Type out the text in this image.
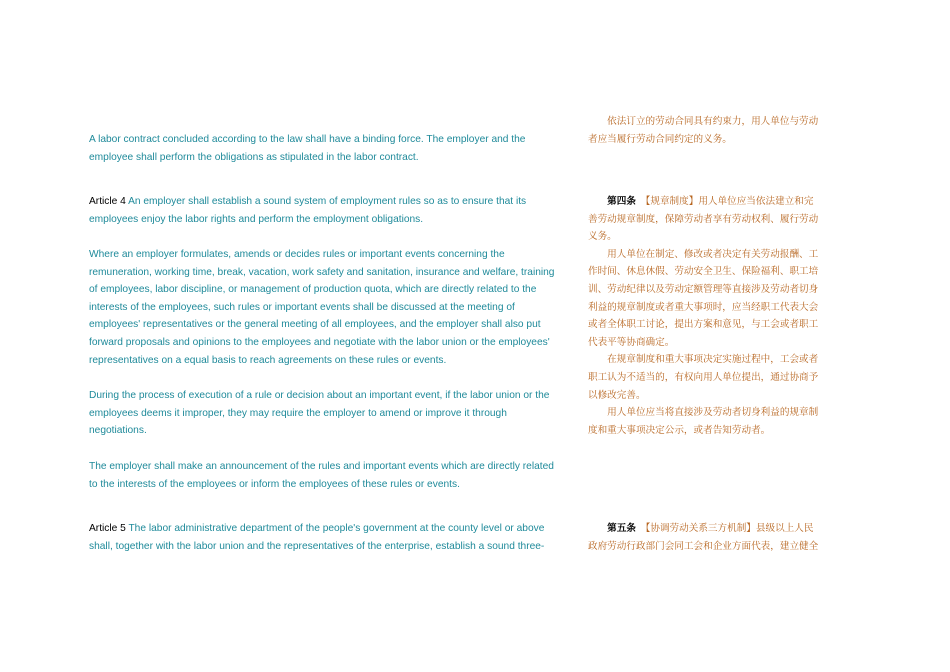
A labor contract concluded according to the law shall have a binding force. The employer and the

employee shall perform the obligations as stipulated in the labor contract.

Article 4 An employer shall establish a sound system of employment rules so as to ensure that its

employees enjoy the labor rights and perform the employment obligations.

Where an employer formulates, amends or decides rules or important events concerning the

remuneration, working time, break, vacation, work safety and sanitation, insurance and welfare, training

of employees, labor discipline, or management of production quota, which are directly related to the

interests of the employees, such rules or important events shall be discussed at the meeting of

employees' representatives or the general meeting of all employees, and the employer shall also put

forward proposals and opinions to the employees and negotiate with the labor union or the employees'

representatives on a equal basis to reach agreements on these rules or events.

During the process of execution of a rule or decision about an important event, if the labor union or the

employees deems it improper, they may require the employer to amend or improve it through

negotiations.

The employer shall make an announcement of the rules and important events which are directly related

to the interests of the employees or inform the employees of these rules or events.

Article 5 The labor administrative department of the people's government at the county level or above

shall, together with the labor union and the representatives of the enterprise, establish a sound three-

　　依法订立的劳动合同具有约束力，用人单位与劳动

者应当履行劳动合同约定的义务。

　　第四条　【规章制度】用人单位应当依法建立和完

善劳动规章制度，保障劳动者享有劳动权利、履行劳动

义务。

　　用人单位在制定、修改或者决定有关劳动报酬、工

作时间、休息休假、劳动安全卫生、保险福利、职工培

训、劳动纪律以及劳动定额管理等直接涉及劳动者切身

利益的规章制度或者重大事项时，应当经职工代表大会

或者全体职工讨论，提出方案和意见，与工会或者职工

代表平等协商确定。

　　在规章制度和重大事项决定实施过程中，工会或者

职工认为不适当的，有权向用人单位提出，通过协商予

以修改完善。

　　用人单位应当将直接涉及劳动者切身利益的规章制

度和重大事项决定公示，或者告知劳动者。

　　第五条　【协调劳动关系三方机制】县级以上人民

政府劳动行政部门会同工会和企业方面代表，建立健全
